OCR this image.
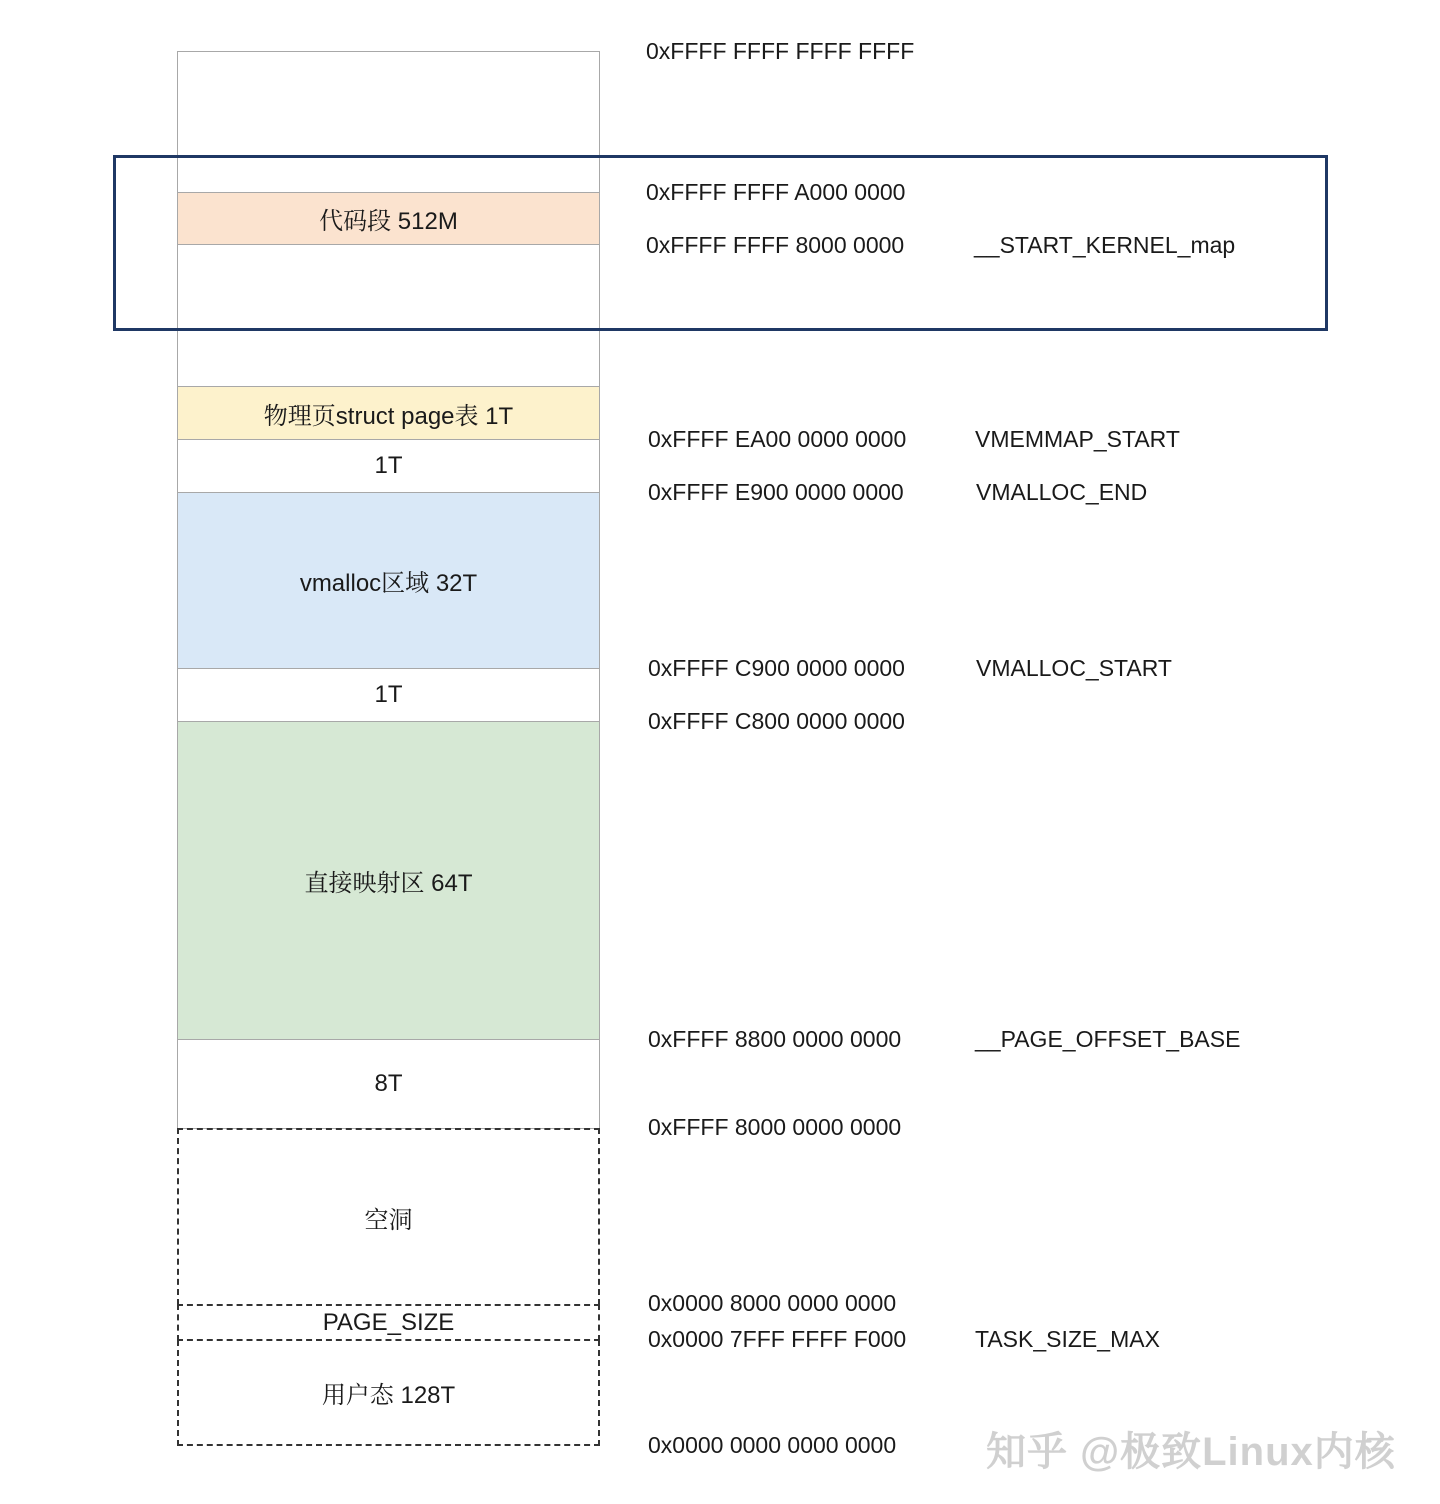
代码段 512M
物理页struct page表 1T
1T
vmalloc区域 32T
1T
直接映射区 64T
8T
空洞
PAGE_SIZE
用户态 128T
0xFFFF FFFF FFFF FFFF
0xFFFF FFFF A000 0000
0xFFFF FFFF 8000 0000
0xFFFF EA00 0000 0000
0xFFFF E900 0000 0000
0xFFFF C900 0000 0000
0xFFFF C800 0000 0000
0xFFFF 8800 0000 0000
0xFFFF 8000 0000 0000
0x0000 8000 0000 0000
0x0000 7FFF FFFF F000
0x0000 0000 0000 0000
__START_KERNEL_map
VMEMMAP_START
VMALLOC_END
VMALLOC_START
__PAGE_OFFSET_BASE
TASK_SIZE_MAX
知乎 @极致Linux内核
